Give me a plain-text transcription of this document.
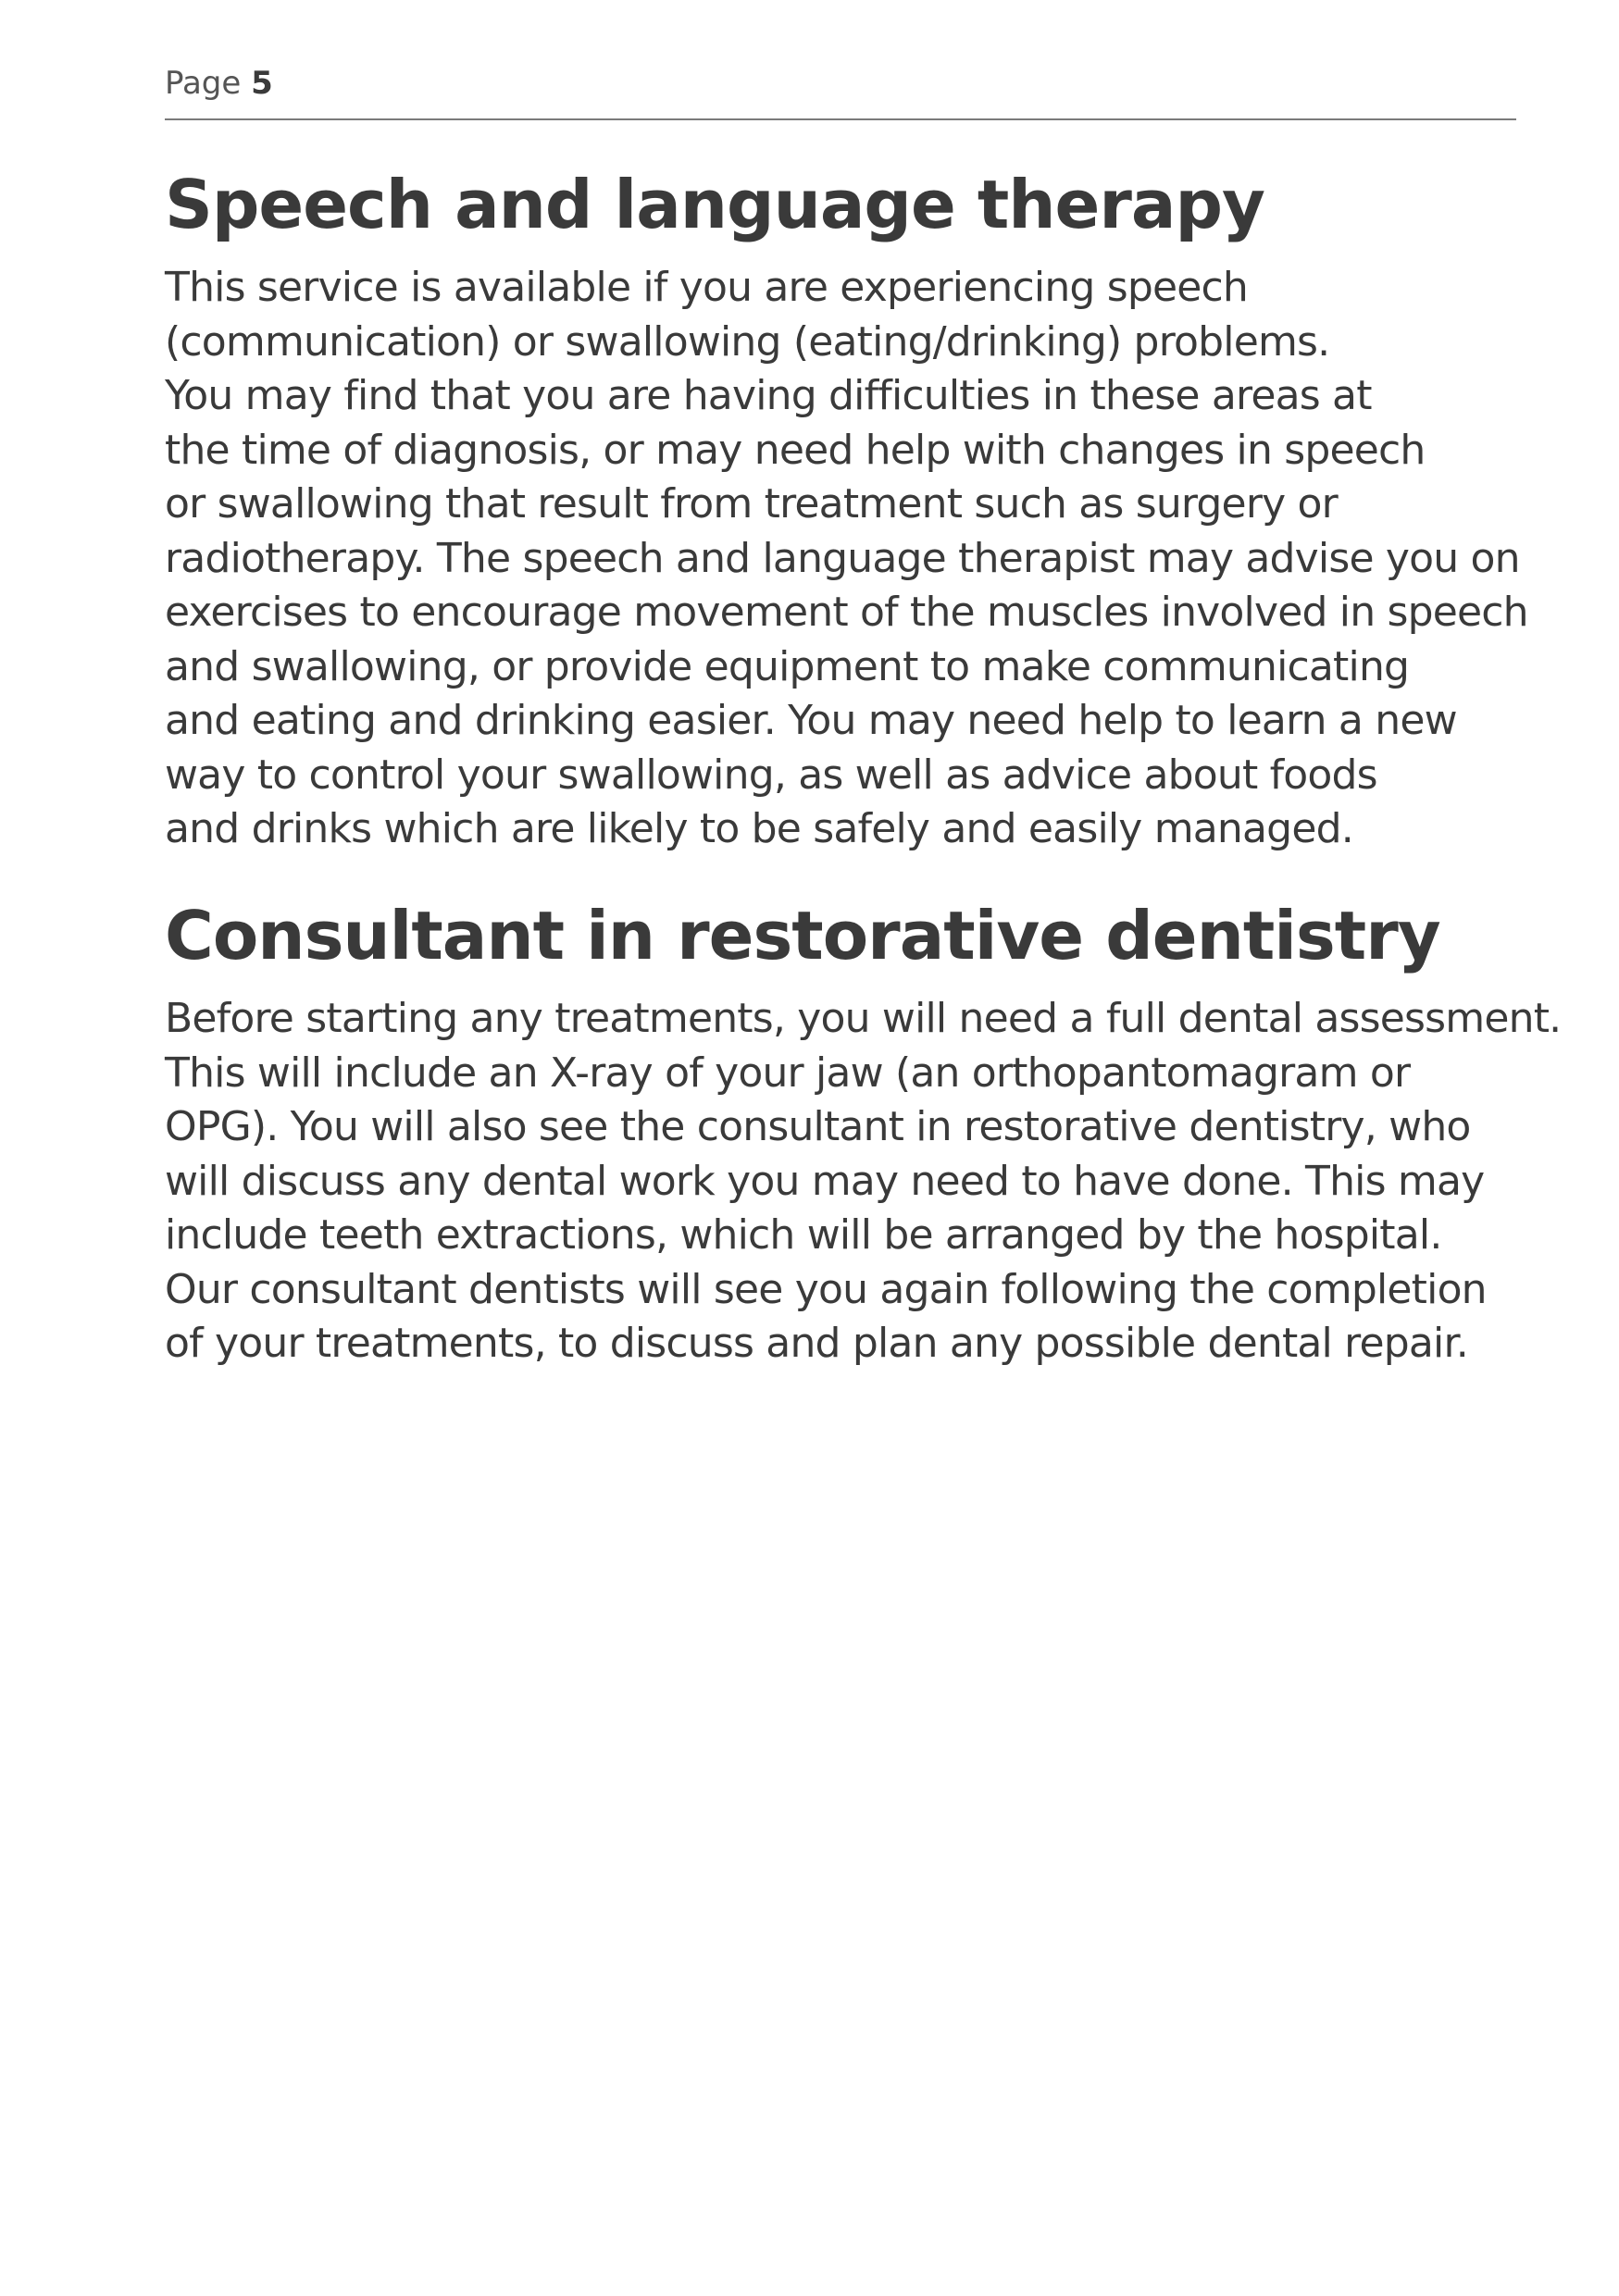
Page 5
Speech and language therapy
This service is available if you are experiencing speech
(communication) or swallowing (eating/drinking) problems.
You may find that you are having difficulties in these areas at
the time of diagnosis, or may need help with changes in speech
or swallowing that result from treatment such as surgery or
radiotherapy. The speech and language therapist may advise you on
exercises to encourage movement of the muscles involved in speech
and swallowing, or provide equipment to make communicating
and eating and drinking easier. You may need help to learn a new
way to control your swallowing, as well as advice about foods
and drinks which are likely to be safely and easily managed.
Consultant in restorative dentistry
Before starting any treatments, you will need a full dental assessment.
This will include an X-ray of your jaw (an orthopantomagram or
OPG). You will also see the consultant in restorative dentistry, who
will discuss any dental work you may need to have done. This may
include teeth extractions, which will be arranged by the hospital.
Our consultant dentists will see you again following the completion
of your treatments, to discuss and plan any possible dental repair.
